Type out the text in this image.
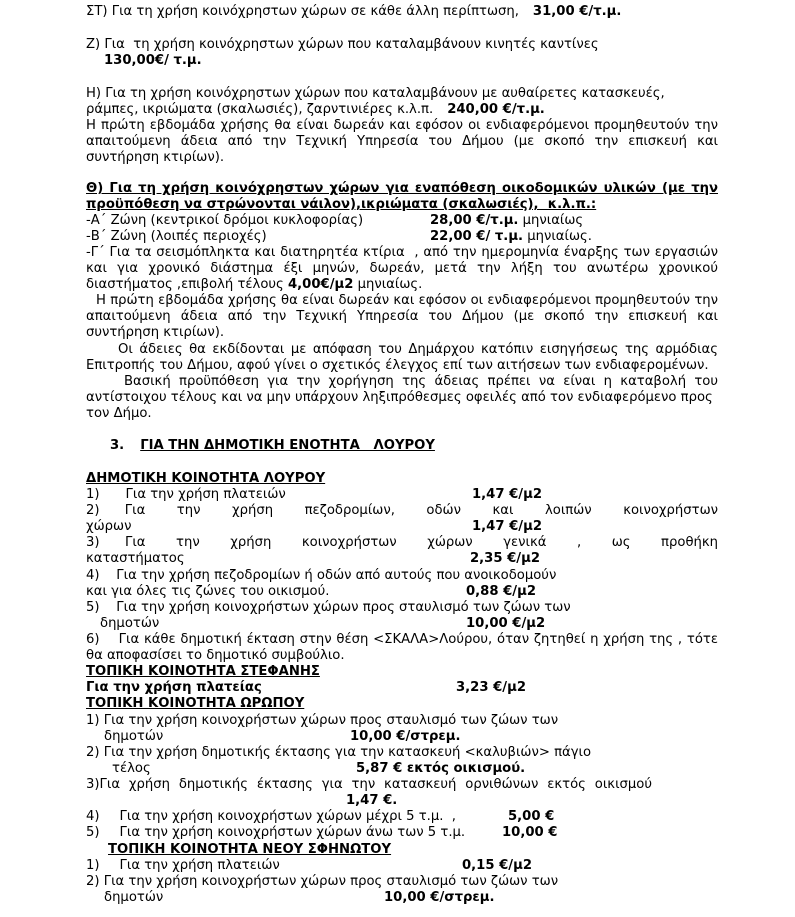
ΣΤ) Για τη χρήση κοινόχρηστων χώρων σε κάθε άλλη περίπτωση, 31,00 €/τ.μ.
Ζ) Για  τη χρήση κοινόχρηστων χώρων που καταλαμβάνουν κινητές καντίνες
130,00€/ τ.μ.
Η) Για τη χρήση κοινόχρηστων χώρων που καταλαμβάνουν με αυθαίρετες κατασκευές,
ράμπες, ικριώματα (σκαλωσιές), ζαρντινιέρες κ.λ.π. 240,00 €/τ.μ.
Η πρώτη εβδομάδα χρήσης θα είναι δωρεάν και εφόσον οι ενδιαφερόμενοι προμηθευτούν την
απαιτούμενη άδεια από την Τεχνική Υπηρεσία του Δήμου (με σκοπό την επισκευή και
συντήρηση κτιρίων).
Θ) Για τη χρήση κοινόχρηστων χώρων για εναπόθεση οικοδομικών υλικών (με την
προϋπόθεση να στρώνονται νάιλον),ικριώματα (σκαλωσιές),  κ.λ.π.:
-Α΄ Ζώνη (κεντρικοί δρόμοι κυκλοφορίας)	28,00 €/τ.μ. μηνιαίως
-Β΄ Ζώνη (λοιπές περιοχές)	22,00 €/ τ.μ. μηνιαίως.
-Γ΄ Για τα σεισμόπληκτα και διατηρητέα κτίρια  , από την ημερομηνία έναρξης των εργασιών
και για χρονικό διάστημα έξι μηνών, δωρεάν, μετά την λήξη του ανωτέρω χρονικού
διαστήματος ,επιβολή τέλους 4,00€/μ2 μηνιαίως.
Η πρώτη εβδομάδα χρήσης θα είναι δωρεάν και εφόσον οι ενδιαφερόμενοι προμηθευτούν την
απαιτούμενη άδεια από την Τεχνική Υπηρεσία του Δήμου (με σκοπό την επισκευή και
συντήρηση κτιρίων).
Οι άδειες θα εκδίδονται με απόφαση του Δημάρχου κατόπιν εισηγήσεως της αρμόδιας
Επιτροπής του Δήμου, αφού γίνει ο σχετικός έλεγχος επί των αιτήσεων των ενδιαφερομένων.
Βασική προϋπόθεση για την χορήγηση της άδειας πρέπει να είναι η καταβολή του
αντίστοιχου τέλους και να μην υπάρχουν ληξιπρόθεσμες οφειλές από τον ενδιαφερόμενο προς
τον Δήμο.
3. ΓΙΑ ΤΗΝ ΔΗΜΟΤΙΚΗ ΕΝΟΤΗΤΑ   ΛΟΥΡΟΥ
ΔΗΜΟΤΙΚΗ ΚΟΙΝΟΤΗΤΑ ΛΟΥΡΟΥ
1) Για την χρήση πλατειών	1,47 €/μ2
2)    Για     την     χρήση     πεζοδρομίων,     οδών     και     λοιπών     κοινοχρήστων
χώρων	1,47 €/μ2
3)     Για      την      χρήση      κοινοχρήστων      χώρων      γενικά      ,      ως      προθήκη
καταστήματος	2,35 €/μ2
4)    Για την χρήση πεζοδρομίων ή οδών από αυτούς που ανοικοδομούν
και για όλες τις ζώνες του οικισμού.	0,88 €/μ2
5)    Για την χρήση κοινοχρήστων χώρων προς σταυλισμό των ζώων των
δημοτών	10,00 €/μ2
6)    Για κάθε δημοτική έκταση στην θέση <ΣΚΑΛΑ>Λούρου, όταν ζητηθεί η χρήση της , τότε
θα αποφασίσει το δημοτικό συμβούλιο.
ΤΟΠΙΚΗ ΚΟΙΝΟΤΗΤΑ ΣΤΕΦΑΝΗΣ
Για την χρήση πλατείας	3,23 €/μ2
ΤΟΠΙΚΗ ΚΟΙΝΟΤΗΤΑ ΩΡΩΠΟΥ
1) Για την χρήση κοινοχρήστων χώρων προς σταυλισμό των ζώων των
δημοτών	10,00 €/στρεμ.
2) Για την χρήση δημοτικής έκτασης για την κατασκευή <καλυβιών> πάγιο
τέλος	5,87 € εκτός οικισμού.
3)Για χρήση δημοτικής έκτασης για την κατασκευή ορνιθώνων εκτός οικισμού
1,47 €.
4) Για την χρήση κοινοχρήστων χώρων μέχρι 5 τ.μ.  ,	5,00 €
5) Για την χρήση κοινοχρήστων χώρων άνω των 5 τ.μ.	10,00 €
ΤΟΠΙΚΗ ΚΟΙΝΟΤΗΤΑ ΝΕΟΥ ΣΦΗΝΩΤΟΥ
1) Για την χρήση πλατειών	0,15 €/μ2
2) Για την χρήση κοινοχρήστων χώρων προς σταυλισμό των ζώων των
δημοτών	10,00 €/στρεμ.
